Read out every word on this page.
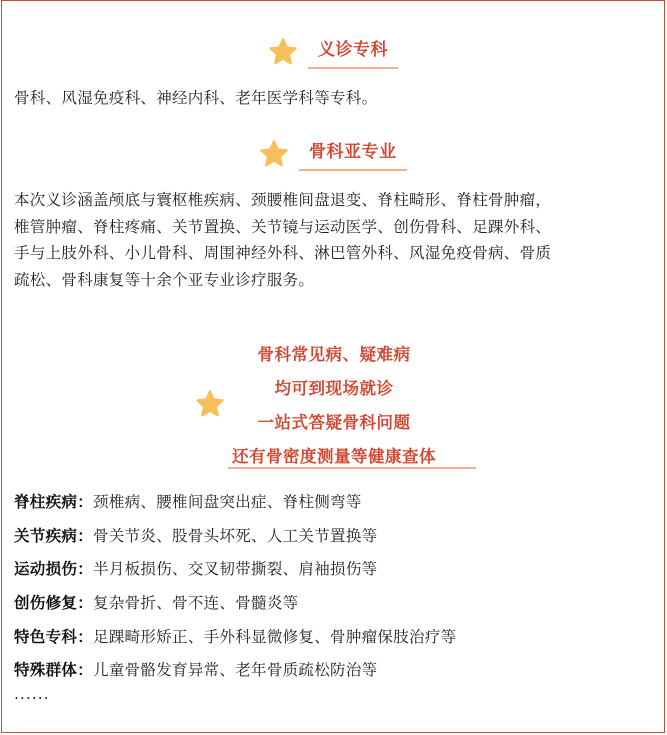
义诊专科

骨科、风湿免疫科、神经内科、老年医学科等专科。

骨科亚专业
本次义诊涵盖颅底与寰枢椎疾病、颈腰椎间盘退变、脊柱畸形、脊柱骨肿瘤，
椎管肿瘤、脊柱疼痛、关节置换、关节镜与运动医学、创伤骨科、足踝外科、
手与上肢外科、小儿骨科、周围神经外科、淋巴管外科、风湿免疫骨病、骨质
疏松、骨科康复等十余个亚专业诊疗服务。
骨科常见病、疑难病
均可到现场就诊
一站式答疑骨科问题
还有骨密度测量等健康查体
脊柱疾病：颈椎病、腰椎间盘突出症、脊柱侧弯等
关节疾病：骨关节炎、股骨头坏死、人工关节置换等
运动损伤：半月板损伤、交叉韧带撕裂、肩袖损伤等
创伤修复：复杂骨折、骨不连、骨髓炎等
特色专科：足踝畸形矫正、手外科显微修复、骨肿瘤保肢治疗等
特殊群体：儿童骨骼发育异常、老年骨质疏松防治等
......
